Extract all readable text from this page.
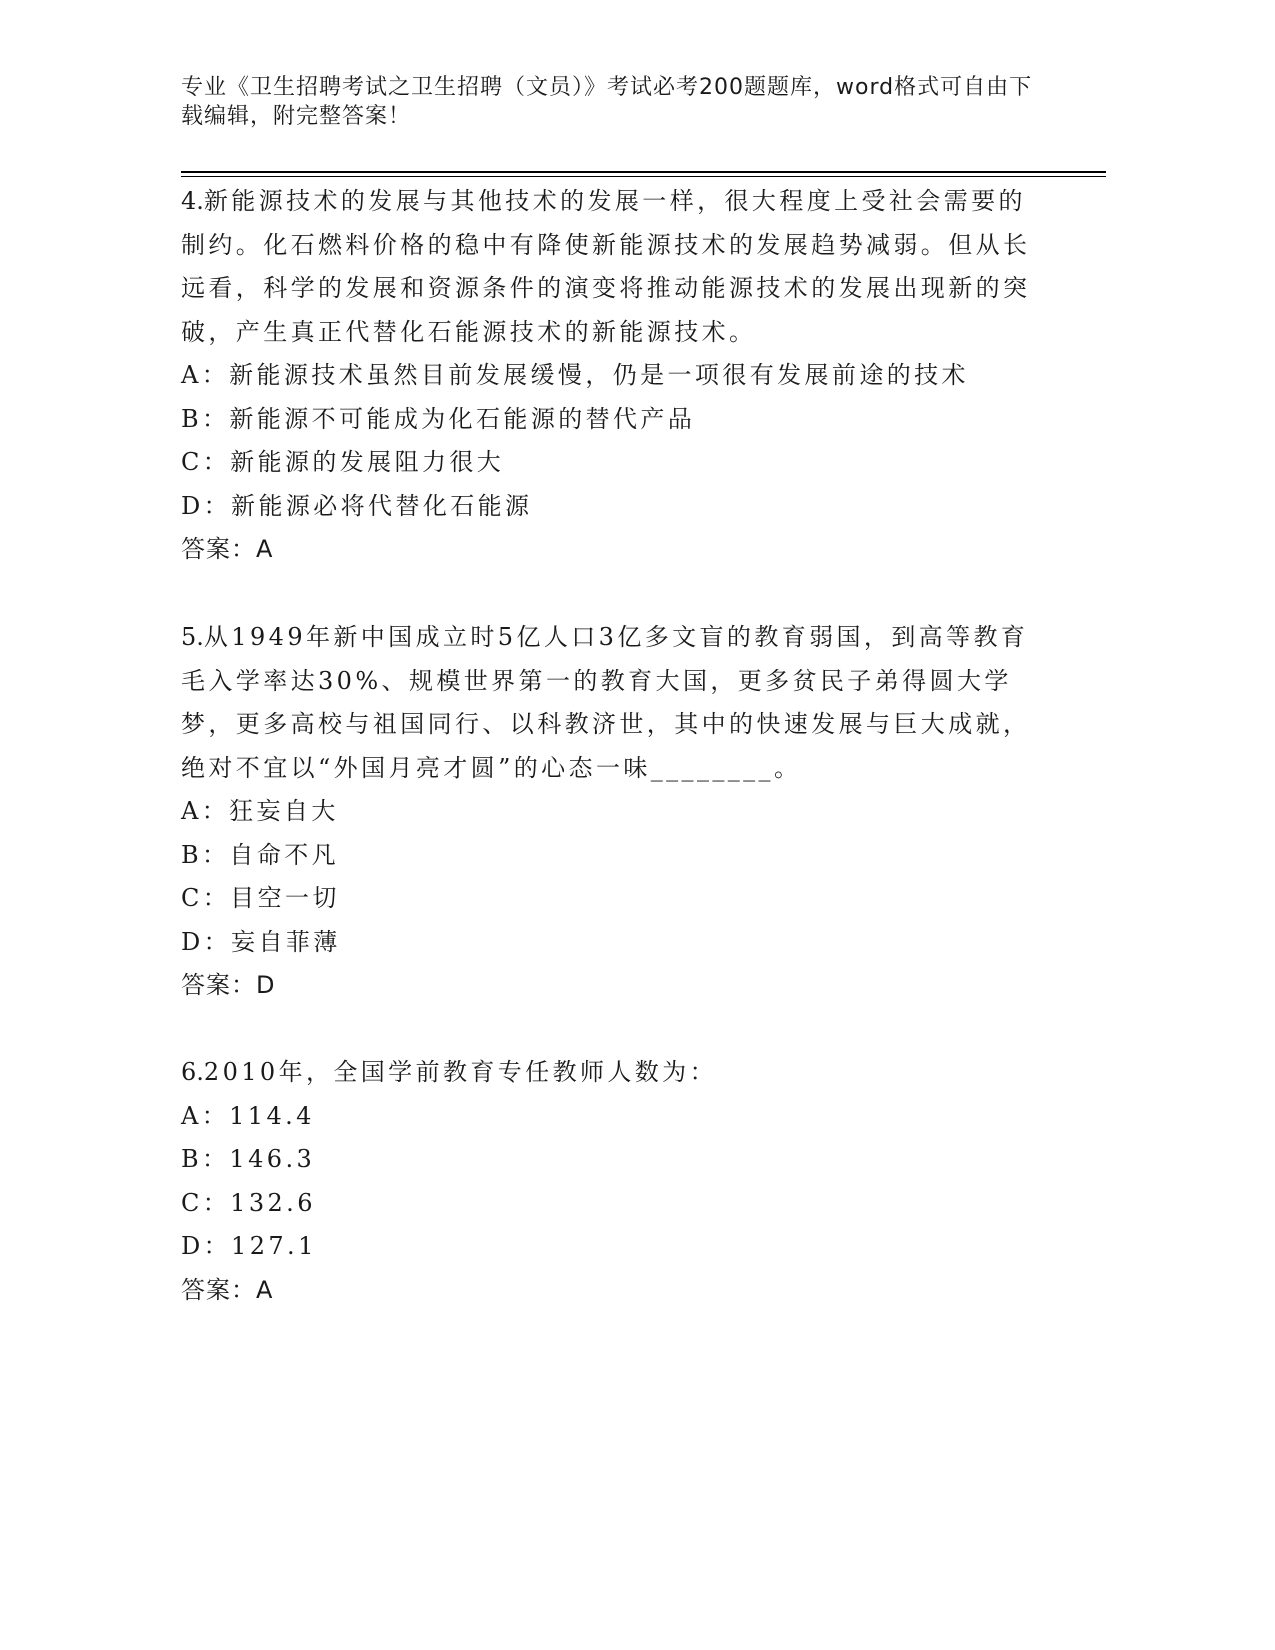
专业《卫生招聘考试之卫生招聘（文员）》考试必考200题题库，word格式可自由下载编辑，附完整答案！

4.新能源技术的发展与其他技术的发展一样，很大程度上受社会需要的制约。化石燃料价格的稳中有降使新能源技术的发展趋势减弱。但从长远看，科学的发展和资源条件的演变将推动能源技术的发展出现新的突破，产生真正代替化石能源技术的新能源技术。

A：新能源技术虽然目前发展缓慢，仍是一项很有发展前途的技术

B：新能源不可能成为化石能源的替代产品

C：新能源的发展阻力很大

D：新能源必将代替化石能源

答案：A

5.从1949年新中国成立时5亿人口3亿多文盲的教育弱国，到高等教育毛入学率达30%、规模世界第一的教育大国，更多贫民子弟得圆大学梦，更多高校与祖国同行、以科教济世，其中的快速发展与巨大成就，绝对不宜以“外国月亮才圆”的心态一味________。

A：狂妄自大

B：自命不凡

C：目空一切

D：妄自菲薄

答案：D

6.2010年，全国学前教育专任教师人数为：

A：114.4

B：146.3

C：132.6

D：127.1

答案：A
